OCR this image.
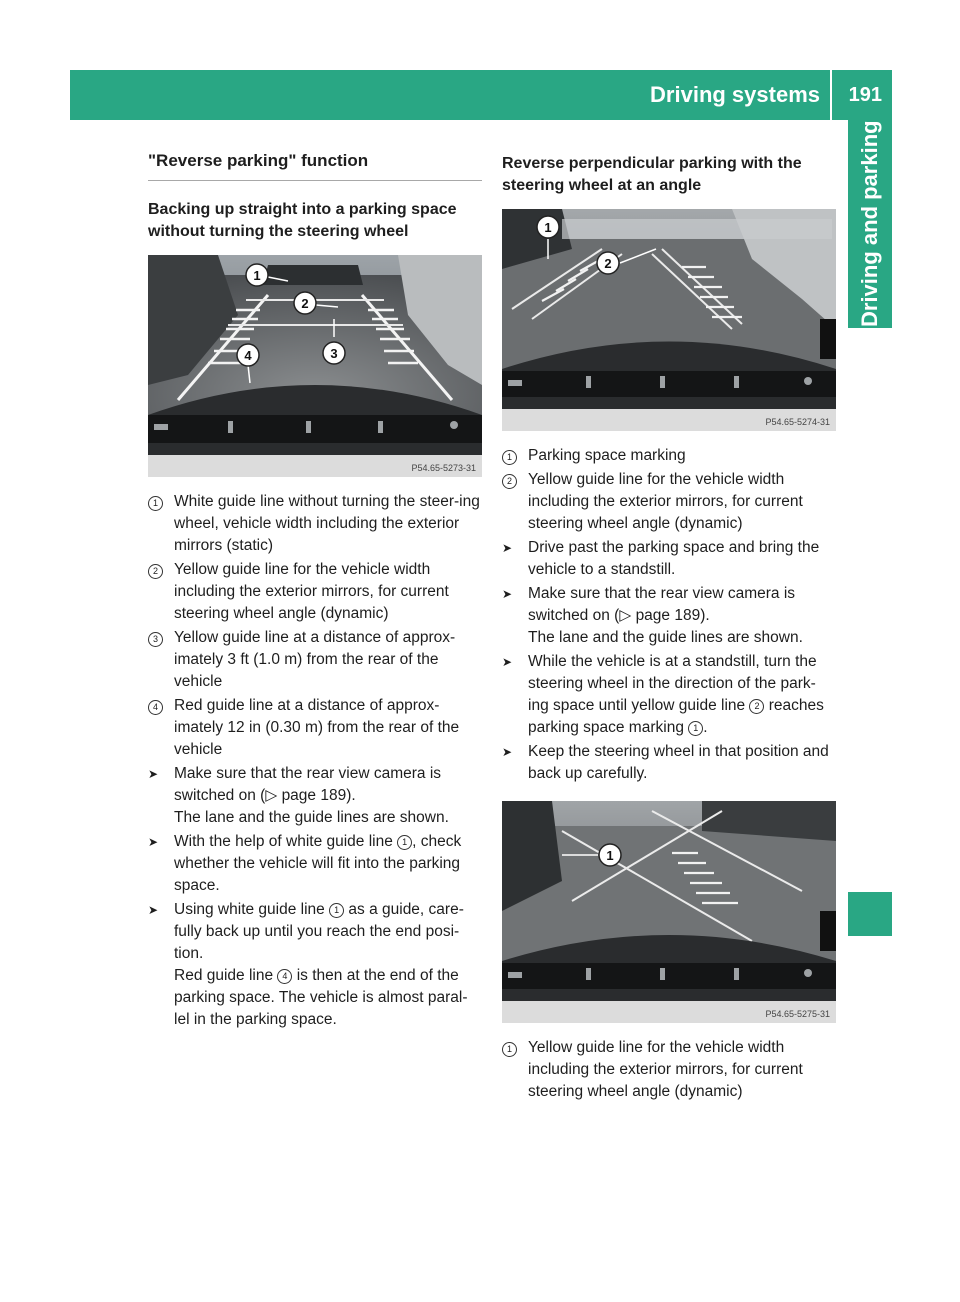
Driving systems 191
Driving and parking
"Reverse parking" function
Backing up straight into a parking space without turning the steering wheel
1
2
3
4
P54.65-5273-31
1	White guide line without turning the steer-ing wheel, vehicle width including the exterior mirrors (static)
2	Yellow guide line for the vehicle width including the exterior mirrors, for current steering wheel angle (dynamic)
3	Yellow guide line at a distance of approx-imately 3 ft (1.0 m) from the rear of the vehicle
4	Red guide line at a distance of approx-imately 12 in (0.30 m) from the rear of the vehicle
➤	Make sure that the rear view camera is switched on (▷ page 189).
The lane and the guide lines are shown.
➤	With the help of white guide line 1 , check whether the vehicle will fit into the parking space.
➤	Using white guide line 1 as a guide, care-fully back up until you reach the end posi-tion.
Red guide line 4 is then at the end of the parking space. The vehicle is almost paral-lel in the parking space.
Reverse perpendicular parking with the steering wheel at an angle
1
2
P54.65-5274-31
1	Parking space marking
2	Yellow guide line for the vehicle width including the exterior mirrors, for current steering wheel angle (dynamic)
➤	Drive past the parking space and bring the vehicle to a standstill.
➤	Make sure that the rear view camera is switched on (▷ page 189).
The lane and the guide lines are shown.
➤	While the vehicle is at a standstill, turn the steering wheel in the direction of the park-ing space until yellow guide line 2 reaches parking space marking 1 .
➤	Keep the steering wheel in that position and back up carefully.
1
P54.65-5275-31
1	Yellow guide line for the vehicle width including the exterior mirrors, for current steering wheel angle (dynamic)
